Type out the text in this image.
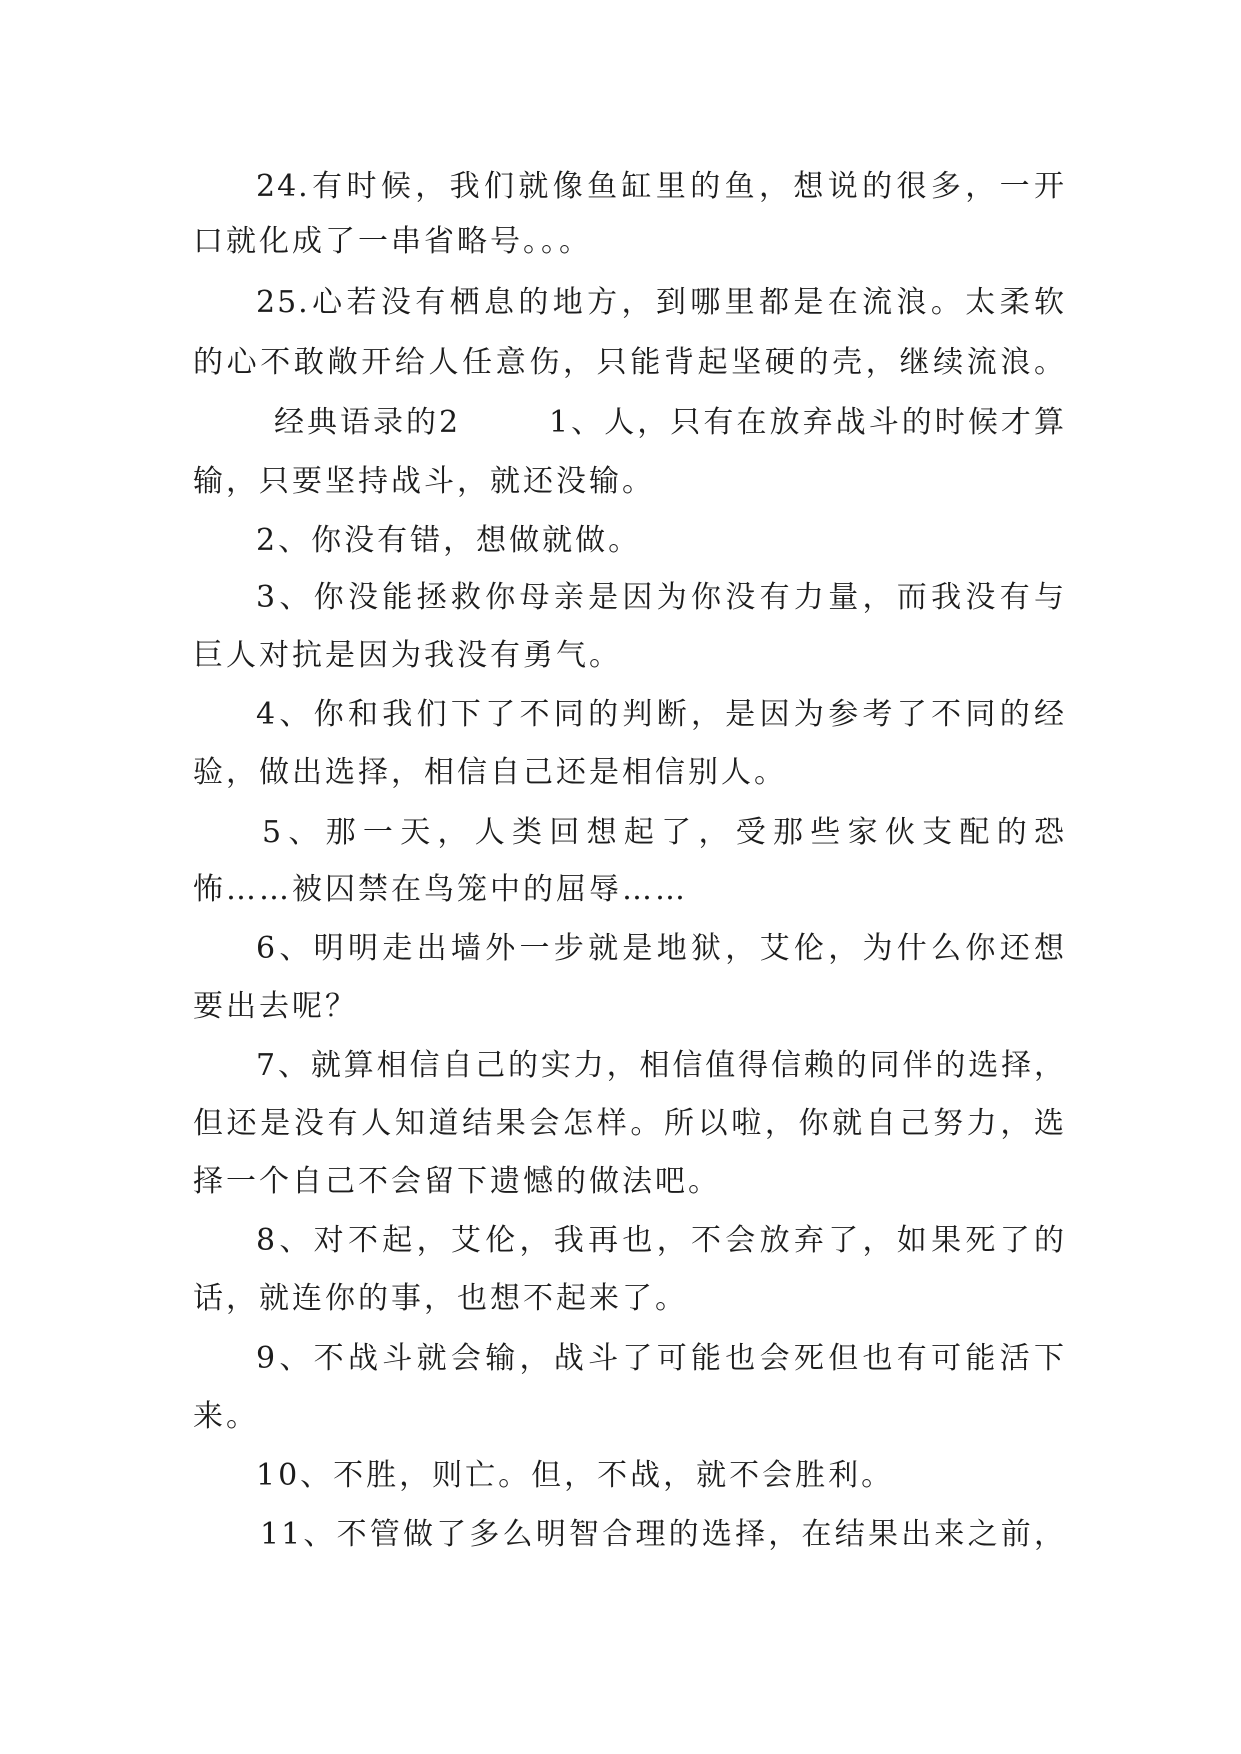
24.有时候，我们就像鱼缸里的鱼，想说的很多，一开
口就化成了一串省略号。。。
25.心若没有栖息的地方，到哪里都是在流浪。太柔软
的心不敢敞开给人任意伤，只能背起坚硬的壳，继续流浪。
经典语录的2	1、人，只有在放弃战斗的时候才算
输，只要坚持战斗，就还没输。
2、你没有错，想做就做。
3、你没能拯救你母亲是因为你没有力量，而我没有与
巨人对抗是因为我没有勇气。
4、你和我们下了不同的判断，是因为参考了不同的经
验，做出选择，相信自己还是相信别人。
5、那一天，人类回想起了，受那些家伙支配的恐
怖……被囚禁在鸟笼中的屈辱……
6、明明走出墙外一步就是地狱，艾伦，为什么你还想
要出去呢？
7、就算相信自己的实力，相信值得信赖的同伴的选择，
但还是没有人知道结果会怎样。所以啦，你就自己努力，选
择一个自己不会留下遗憾的做法吧。
8、对不起，艾伦，我再也，不会放弃了，如果死了的
话，就连你的事，也想不起来了。
9、不战斗就会输，战斗了可能也会死但也有可能活下
来。
10、不胜，则亡。但，不战，就不会胜利。
11、不管做了多么明智合理的选择，在结果出来之前，
